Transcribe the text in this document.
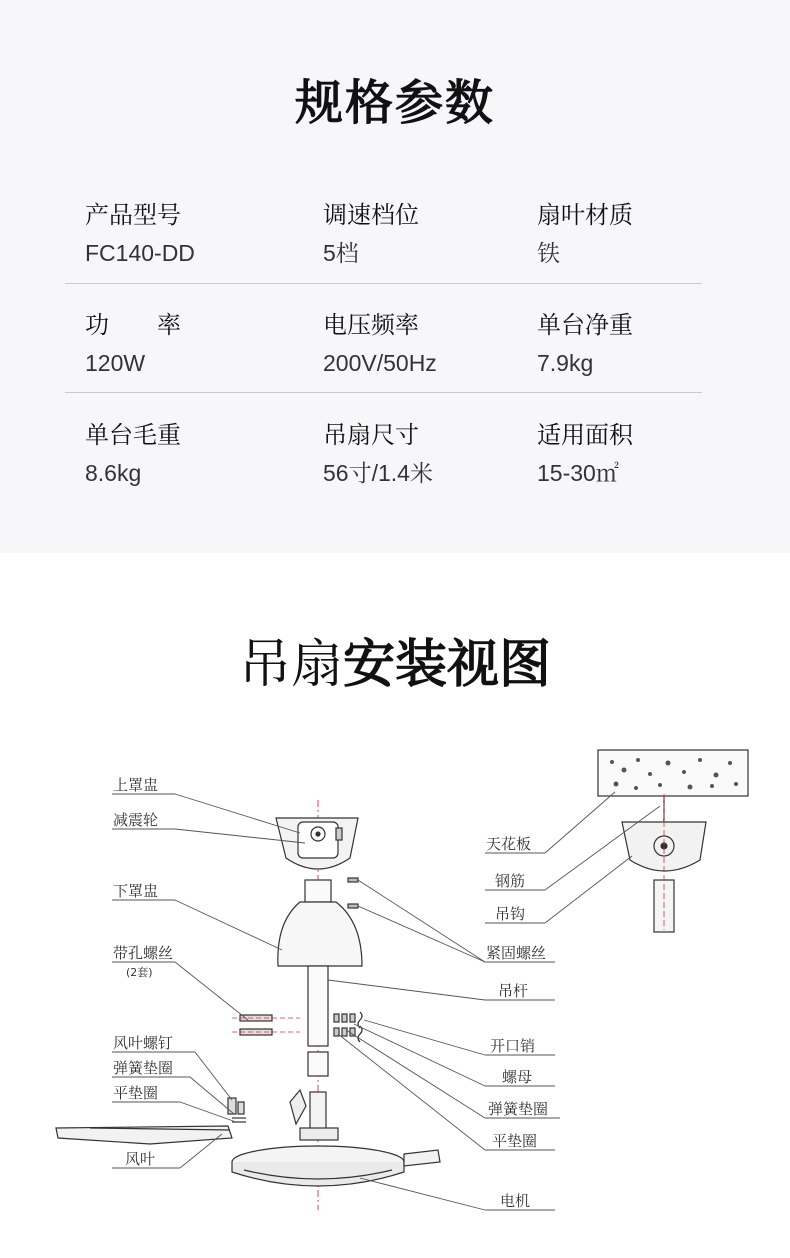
规格参数
产品型号
FC140-DD
调速档位
5档
扇叶材质
铁
功　　率
120W
电压频率
200V/50Hz
单台净重
7.9kg
单台毛重
8.6kg
吊扇尺寸
56寸/1.4米
适用面积
15-30㎡
吊扇安装视图
上罩盅
减震轮
下罩盅
带孔螺丝
(2套)
风叶螺钉
弹簧垫圈
平垫圈
风叶
天花板
钢筋
吊钩
紧固螺丝
吊杆
开口销
螺母
弹簧垫圈
平垫圈
电机
